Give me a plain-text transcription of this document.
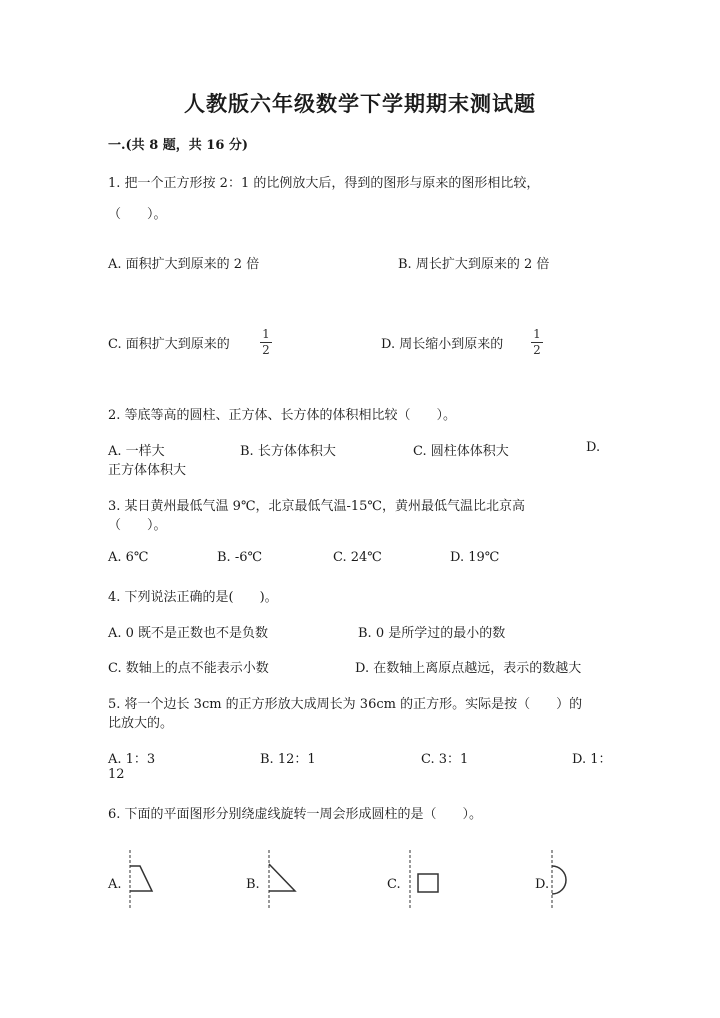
人教版六年级数学下学期期末测试题
一.(共 8 题，共 16 分)
1. 把一个正方形按 2：1 的比例放大后，得到的图形与原来的图形相比较，
（　　）。
A. 面积扩大到原来的 2 倍	B. 周长扩大到原来的 2 倍
C. 面积扩大到原来的
1
2	D. 周长缩小到原来的
1
2
2. 等底等高的圆柱、正方体、长方体的体积相比较（　　）。
A. 一样大	B. 长方体体积大	C. 圆柱体体积大	D.
正方体体积大
3. 某日黄州最低气温 9℃，北京最低气温-15℃，黄州最低气温比北京高
（　　）。
A. 6℃	B. -6℃	C. 24℃	D. 19℃
4. 下列说法正确的是(　　)。
A. 0 既不是正数也不是负数	B. 0 是所学过的最小的数
C. 数轴上的点不能表示小数	D. 在数轴上离原点越远，表示的数越大
5. 将一个边长 3cm 的正方形放大成周长为 36cm 的正方形。实际是按（　　）的
比放大的。
A. 1：3	B. 12：1	C. 3：1	D. 1：
12
6. 下面的平面图形分别绕虚线旋转一周会形成圆柱的是（　　）。
A.	B.	C.	D.
